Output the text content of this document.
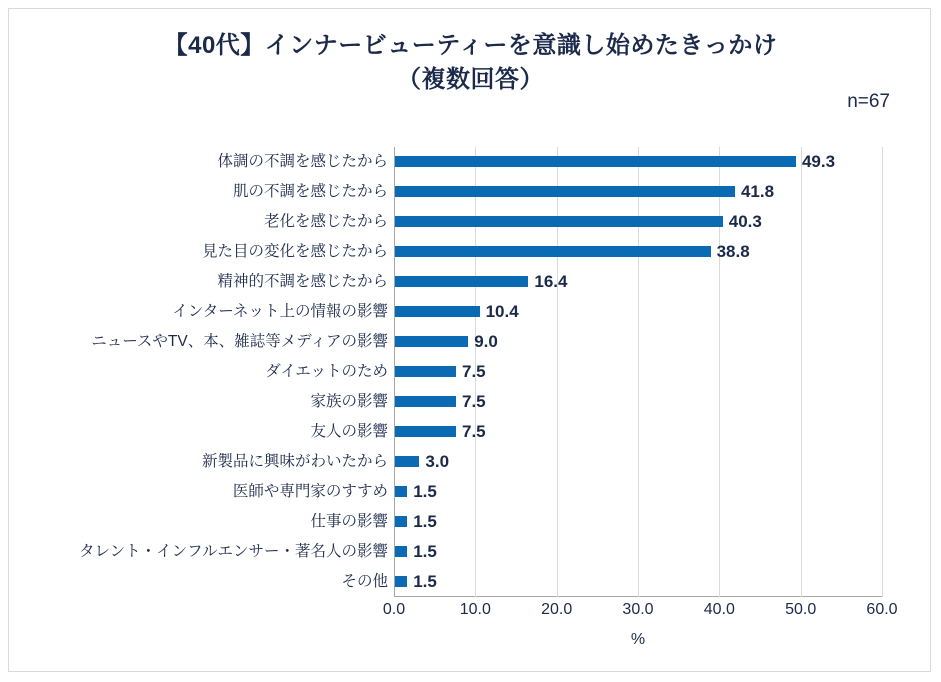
【40代】インナービューティーを意識し始めたきっかけ
（複数回答）
n=67
体調の不調を感じたから	49.3
肌の不調を感じたから	41.8
老化を感じたから	40.3
見た目の変化を感じたから	38.8
精神的不調を感じたから	16.4
インターネット上の情報の影響	10.4
ニュースやTV、本、雑誌等メディアの影響	9.0
ダイエットのため	7.5
家族の影響	7.5
友人の影響	7.5
新製品に興味がわいたから 3.0
医師や専門家のすすめ 1.5
仕事の影響 1.5
タレント・インフルエンサー・著名人の影響 1.5
その他 1.5
0.0	10.0	20.0	30.0	40.0	50.0	60.0
%
